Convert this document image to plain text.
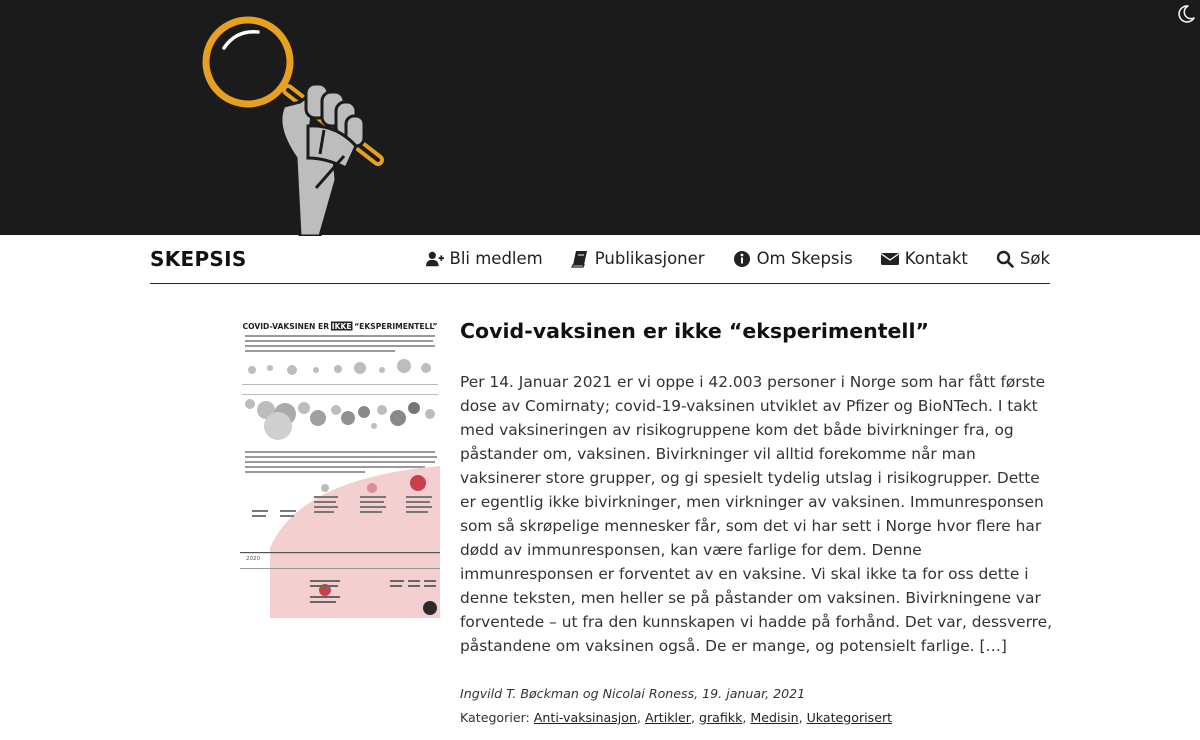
SKEPSIS	Bli medlem	Publikasjoner	Om Skepsis	Kontakt	Søk
COVID-VAKSINEN ER IKKE “EKSPERIMENTELL”
2020
Covid-vaksinen er ikke “eksperimentell”

Per 14. Januar 2021 er vi oppe i 42.003 personer i Norge som har fått første dose av Comirnaty; covid-19-vaksinen utviklet av Pfizer og BioNTech. I takt med vaksineringen av risikogruppene kom det både bivirkninger fra, og påstander om, vaksinen. Bivirkninger vil alltid forekomme når man vaksinerer store grupper, og gi spesielt tydelig utslag i risikogrupper. Dette er egentlig ikke bivirkninger, men virkninger av vaksinen. Immunresponsen som så skrøpelige mennesker får, som det vi har sett i Norge hvor flere har dødd av immunresponsen, kan være farlige for dem. Denne immunresponsen er forventet av en vaksine. Vi skal ikke ta for oss dette i denne teksten, men heller se på påstander om vaksinen. Bivirkningene var forventede – ut fra den kunnskapen vi hadde på forhånd. Det var, dessverre, påstandene om vaksinen også. De er mange, og potensielt farlige. […]

Ingvild T. Bøckman og Nicolai Roness, 19. januar, 2021
Kategorier: Anti-vaksinasjon, Artikler, grafikk, Medisin, Ukategorisert
